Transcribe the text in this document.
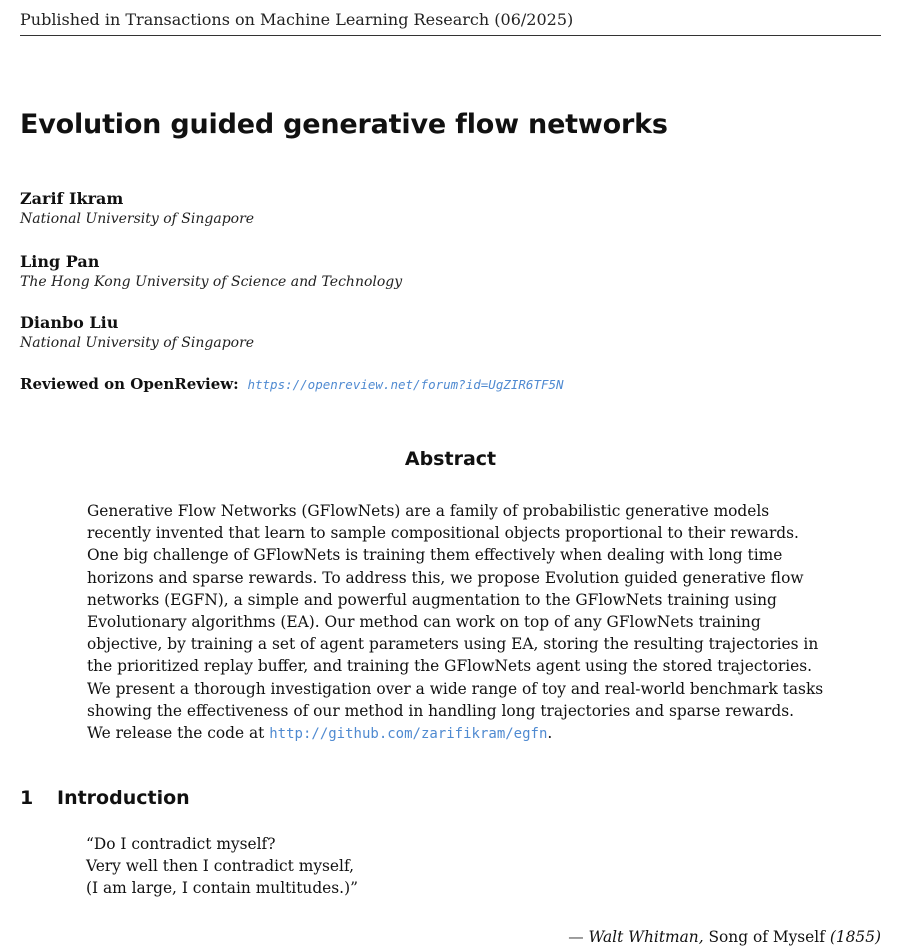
Published in Transactions on Machine Learning Research (06/2025)
Evolution guided generative flow networks
Zarif Ikram
National University of Singapore
Ling Pan
The Hong Kong University of Science and Technology
Dianbo Liu
National University of Singapore
Reviewed on OpenReview: https://openreview.net/forum?id=UgZIR6TF5N
Abstract
Generative Flow Networks (GFlowNets) are a family of probabilistic generative models
recently invented that learn to sample compositional objects proportional to their rewards.
One big challenge of GFlowNets is training them effectively when dealing with long time
horizons and sparse rewards. To address this, we propose Evolution guided generative flow
networks (EGFN), a simple and powerful augmentation to the GFlowNets training using
Evolutionary algorithms (EA). Our method can work on top of any GFlowNets training
objective, by training a set of agent parameters using EA, storing the resulting trajectories in
the prioritized replay buffer, and training the GFlowNets agent using the stored trajectories.
We present a thorough investigation over a wide range of toy and real-world benchmark tasks
showing the effectiveness of our method in handling long trajectories and sparse rewards.
We release the code at http://github.com/zarifikram/egfn.
1 Introduction
“Do I contradict myself?
Very well then I contradict myself,
(I am large, I contain multitudes.)”
— Walt Whitman, Song of Myself (1855)
